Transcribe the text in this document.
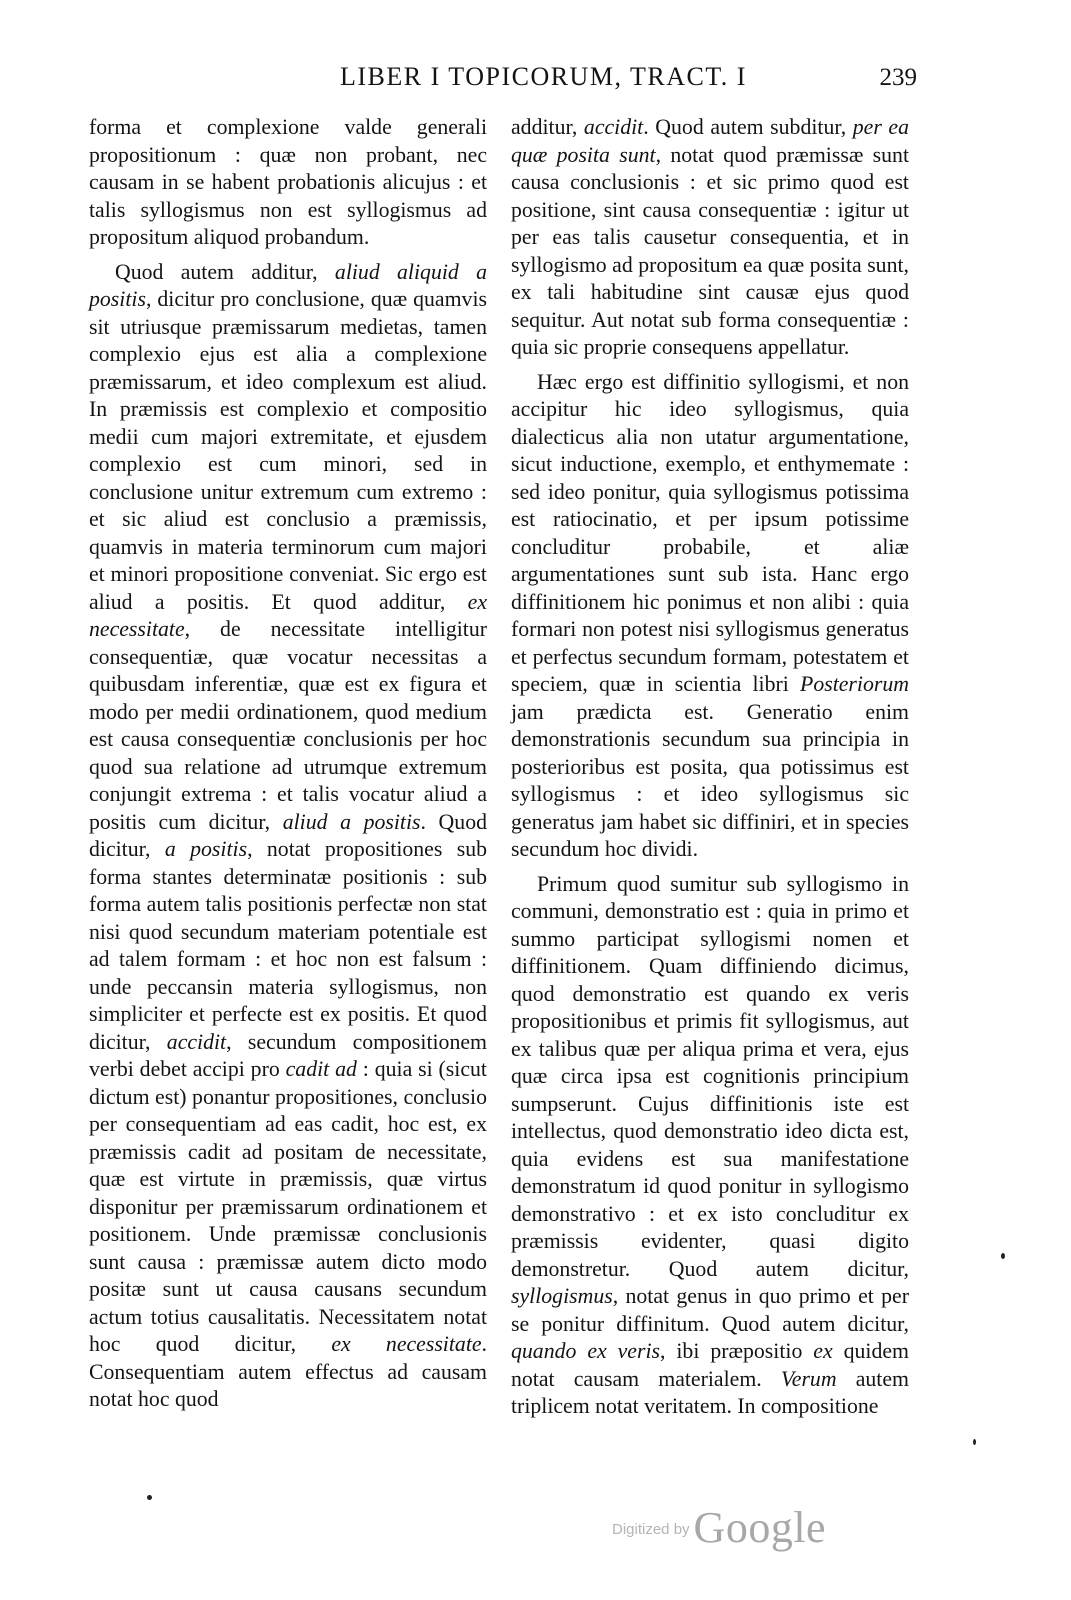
LIBER I TOPICORUM, TRACT. I	239

forma et complexione valde generali propositionum : quæ non probant, nec causam in se habent probationis alicujus : et talis syllogismus non est syllogismus ad propositum aliquod probandum.

Quod autem additur, aliud aliquid a positis, dicitur pro conclusione, quæ quamvis sit utriusque præmissarum medietas, tamen complexio ejus est alia a complexione præmissarum, et ideo complexum est aliud. In præmissis est complexio et compositio medii cum majori extremitate, et ejusdem complexio est cum minori, sed in conclusione unitur extremum cum extremo : et sic aliud est conclusio a præmissis, quamvis in materia terminorum cum majori et minori propositione conveniat. Sic ergo est aliud a positis. Et quod additur, ex necessitate, de necessitate intelligitur consequentiæ, quæ vocatur necessitas a quibusdam inferentiæ, quæ est ex figura et modo per medii ordinationem, quod medium est causa consequentiæ conclusionis per hoc quod sua relatione ad utrumque extremum conjungit extrema : et talis vocatur aliud a positis cum dicitur, aliud a positis. Quod dicitur, a positis, notat propositiones sub forma stantes determinatæ positionis : sub forma autem talis positionis perfectæ non stat nisi quod secundum materiam potentiale est ad talem formam : et hoc non est falsum : unde peccansin materia syllogismus, non simpliciter et perfecte est ex positis. Et quod dicitur, accidit, secundum compositionem verbi debet accipi pro cadit ad : quia si (sicut dictum est) ponantur propositiones, conclusio per consequentiam ad eas cadit, hoc est, ex præmissis cadit ad positam de necessitate, quæ est virtute in præmissis, quæ virtus disponitur per præmissarum ordinationem et positionem. Unde præmissæ conclusionis sunt causa : præmissæ autem dicto modo positæ sunt ut causa causans secundum actum totius causalitatis. Necessitatem notat hoc quod dicitur, ex necessitate. Consequentiam autem effectus ad causam notat hoc quod

additur, accidit. Quod autem subditur, per ea quæ posita sunt, notat quod præmissæ sunt causa conclusionis : et sic primo quod est positione, sint causa consequentiæ : igitur ut per eas talis causetur consequentia, et in syllogismo ad propositum ea quæ posita sunt, ex tali habitudine sint causæ ejus quod sequitur. Aut notat sub forma consequentiæ : quia sic proprie consequens appellatur.

Hæc ergo est diffinitio syllogismi, et non accipitur hic ideo syllogismus, quia dialecticus alia non utatur argumentatione, sicut inductione, exemplo, et enthymemate : sed ideo ponitur, quia syllogismus potissima est ratiocinatio, et per ipsum potissime concluditur probabile, et aliæ argumentationes sunt sub ista. Hanc ergo diffinitionem hic ponimus et non alibi : quia formari non potest nisi syllogismus generatus et perfectus secundum formam, potestatem et speciem, quæ in scientia libri Posteriorum jam prædicta est. Generatio enim demonstrationis secundum sua principia in posterioribus est posita, qua potissimus est syllogismus : et ideo syllogismus sic generatus jam habet sic diffiniri, et in species secundum hoc dividi.

Primum quod sumitur sub syllogismo in communi, demonstratio est : quia in primo et summo participat syllogismi nomen et diffinitionem. Quam diffiniendo dicimus, quod demonstratio est quando ex veris propositionibus et primis fit syllogismus, aut ex talibus quæ per aliqua prima et vera, ejus quæ circa ipsa est cognitionis principium sumpserunt. Cujus diffinitionis iste est intellectus, quod demonstratio ideo dicta est, quia evidens est sua manifestatione demonstratum id quod ponitur in syllogismo demonstrativo : et ex isto concluditur ex præmissis evidenter, quasi digito demonstretur. Quod autem dicitur, syllogismus, notat genus in quo primo et per se ponitur diffinitum. Quod autem dicitur, quando ex veris, ibi præpositio ex quidem notat causam materialem. Verum autem triplicem notat veritatem. In compositione

Digitized by Google
